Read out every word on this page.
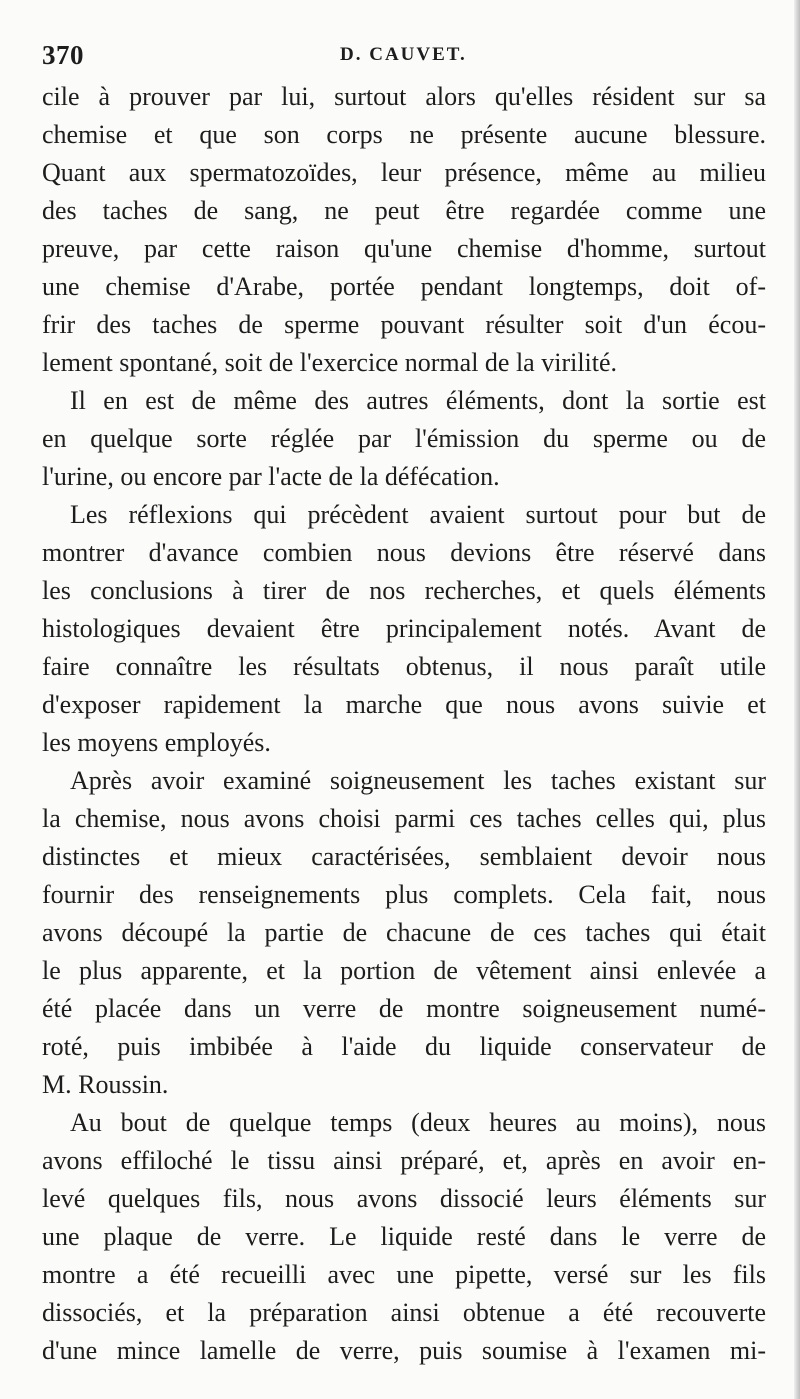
370	D. CAUVET.
cile à prouver par lui, surtout alors qu'elles résident sur sa
chemise et que son corps ne présente aucune blessure.
Quant aux spermatozoïdes, leur présence, même au milieu
des taches de sang, ne peut être regardée comme une
preuve, par cette raison qu'une chemise d'homme, surtout
une chemise d'Arabe, portée pendant longtemps, doit of-
frir des taches de sperme pouvant résulter soit d'un écou-
lement spontané, soit de l'exercice normal de la virilité.
Il en est de même des autres éléments, dont la sortie est
en quelque sorte réglée par l'émission du sperme ou de
l'urine, ou encore par l'acte de la défécation.
Les réflexions qui précèdent avaient surtout pour but de
montrer d'avance combien nous devions être réservé dans
les conclusions à tirer de nos recherches, et quels éléments
histologiques devaient être principalement notés. Avant de
faire connaître les résultats obtenus, il nous paraît utile
d'exposer rapidement la marche que nous avons suivie et
les moyens employés.
Après avoir examiné soigneusement les taches existant sur
la chemise, nous avons choisi parmi ces taches celles qui, plus
distinctes et mieux caractérisées, semblaient devoir nous
fournir des renseignements plus complets. Cela fait, nous
avons découpé la partie de chacune de ces taches qui était
le plus apparente, et la portion de vêtement ainsi enlevée a
été placée dans un verre de montre soigneusement numé-
roté, puis imbibée à l'aide du liquide conservateur de
M. Roussin.
Au bout de quelque temps (deux heures au moins), nous
avons effiloché le tissu ainsi préparé, et, après en avoir en-
levé quelques fils, nous avons dissocié leurs éléments sur
une plaque de verre. Le liquide resté dans le verre de
montre a été recueilli avec une pipette, versé sur les fils
dissociés, et la préparation ainsi obtenue a été recouverte
d'une mince lamelle de verre, puis soumise à l'examen mi-
